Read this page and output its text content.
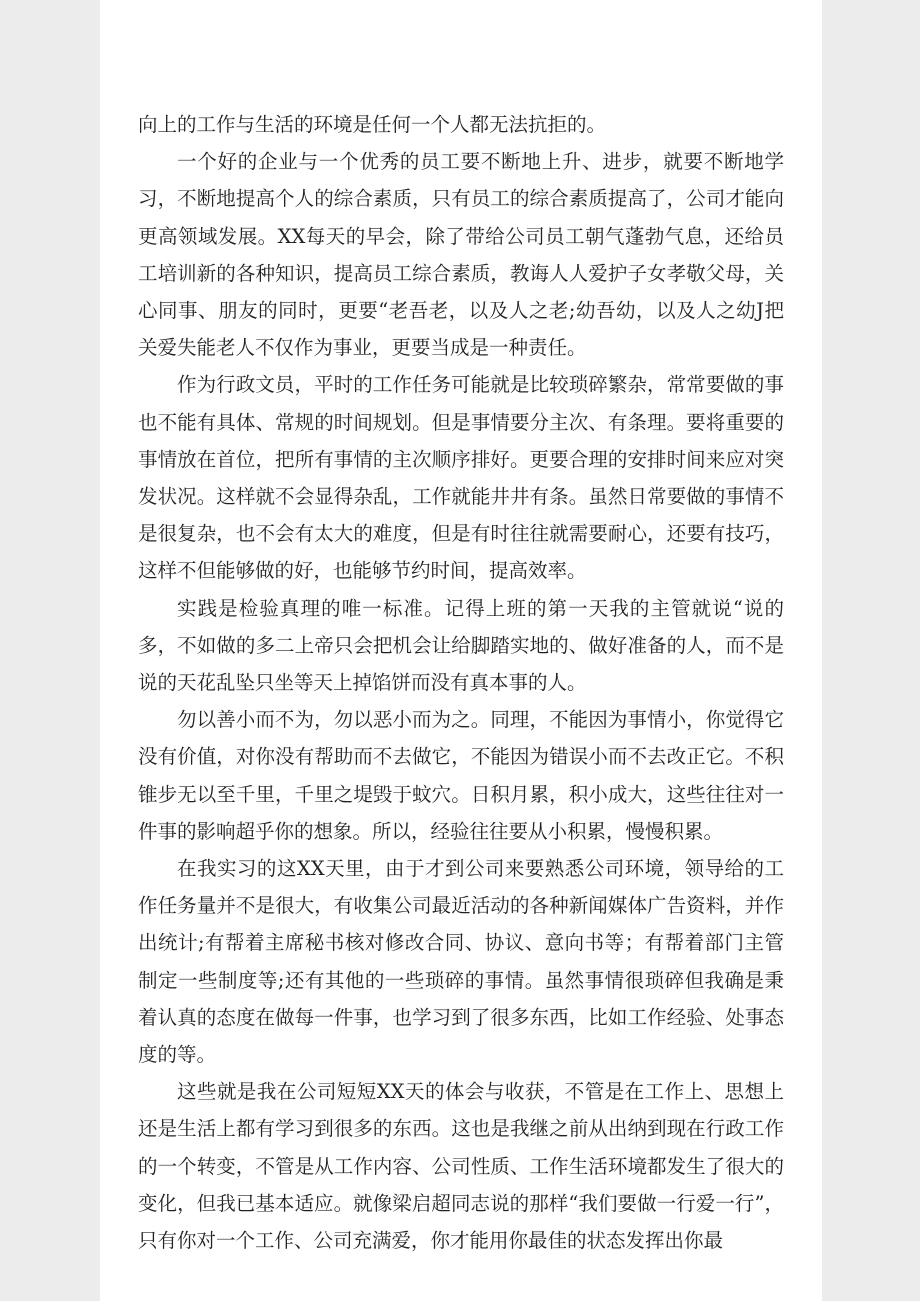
向上的工作与生活的环境是任何一个人都无法抗拒的。

一个好的企业与一个优秀的员工要不断地上升、进步，就要不断地学习，不断地提高个人的综合素质，只有员工的综合素质提高了，公司才能向更高领域发展。XX每天的早会，除了带给公司员工朝气蓬勃气息，还给员工培训新的各种知识，提高员工综合素质，教诲人人爱护子女孝敬父母，关心同事、朋友的同时，更要“老吾老，以及人之老;幼吾幼，以及人之幼J把关爱失能老人不仅作为事业，更要当成是一种责任。

作为行政文员，平时的工作任务可能就是比较琐碎繁杂，常常要做的事也不能有具体、常规的时间规划。但是事情要分主次、有条理。要将重要的事情放在首位，把所有事情的主次顺序排好。更要合理的安排时间来应对突发状况。这样就不会显得杂乱，工作就能井井有条。虽然日常要做的事情不是很复杂，也不会有太大的难度，但是有时往往就需要耐心，还要有技巧，这样不但能够做的好，也能够节约时间，提高效率。

实践是检验真理的唯一标准。记得上班的第一天我的主管就说“说的多，不如做的多二上帝只会把机会让给脚踏实地的、做好准备的人，而不是说的天花乱坠只坐等天上掉馅饼而没有真本事的人。

勿以善小而不为，勿以恶小而为之。同理，不能因为事情小，你觉得它没有价值，对你没有帮助而不去做它，不能因为错误小而不去改正它。不积锥步无以至千里，千里之堤毁于蚊穴。日积月累，积小成大，这些往往对一件事的影响超乎你的想象。所以，经验往往要从小积累，慢慢积累。

在我实习的这XX天里，由于才到公司来要熟悉公司环境，领导给的工作任务量并不是很大，有收集公司最近活动的各种新闻媒体广告资料，并作出统计;有帮着主席秘书核对修改合同、协议、意向书等；有帮着部门主管制定一些制度等;还有其他的一些琐碎的事情。虽然事情很琐碎但我确是秉着认真的态度在做每一件事，也学习到了很多东西，比如工作经验、处事态度的等。

这些就是我在公司短短XX天的体会与收获，不管是在工作上、思想上还是生活上都有学习到很多的东西。这也是我继之前从出纳到现在行政工作的一个转变，不管是从工作内容、公司性质、工作生活环境都发生了很大的变化，但我已基本适应。就像梁启超同志说的那样“我们要做一行爱一行”，只有你对一个工作、公司充满爱，你才能用你最佳的状态发挥出你最
